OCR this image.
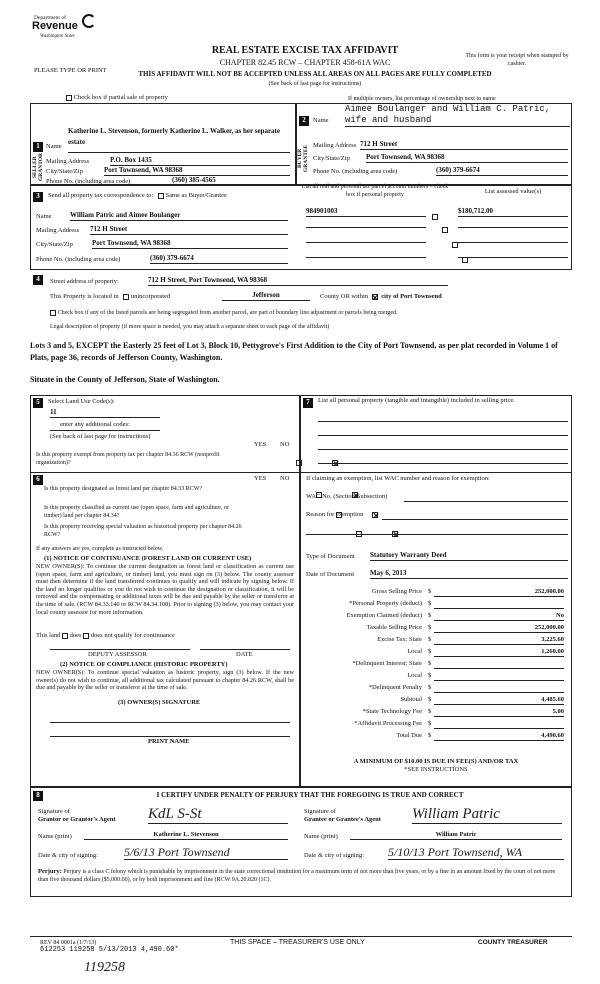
Department of
Revenue
Washington State
REAL ESTATE EXCISE TAX AFFIDAVIT
CHAPTER 82.45 RCW – CHAPTER 458-61A WAC
This form is your receipt when stamped by cashier.
PLEASE TYPE OR PRINT	THIS AFFIDAVIT WILL NOT BE ACCEPTED UNLESS ALL AREAS ON ALL PAGES ARE FULLY COMPLETED
(See back of last page for instructions)
Check box if partial sale of property	If multiple owners, list percentage of ownership next to name
1
SELLER GRANTOR
Name
Katherine L. Stevenson, formerly Katherine L. Walker, as her separate estate
Mailing Address	P.O. Box 1435
City/State/Zip	Port Townsend, WA 98368
Phone No. (including area code)	(360) 385-4565
2
BUYER GRANTEE
Name
Aimee Boulanger and William C. Patric, wife and husband
Mailing Address 712 H Street
City/State/Zip Port Townsend, WA 98368
Phone No. (including area code)	(360) 379-6674
3	Send all property tax correspondence to: Same as Buyer/Grantee
Name	William Patric and Aimee Boulanger
Mailing Address 712 H Street
City/State/Zip	Port Townsend, WA 98368
Phone No. (including area code)	(360) 379-6674
List all real and personal tax parcel account numbers – check box if personal property	List assessed value(s)
984901003
	$180,712.00

4	Street address of property:	712 H Street, Port Townsend, WA 98368
This Property is located in unincorporated	Jefferson	County OR within city of Port Townsend
Check box if any of the listed parcels are being segregated from another parcel, are part of boundary line adjustment or parcels being merged.
Legal description of property (if more space is needed, you may attach a separate sheet to each page of the affidavit)
Lots 3 and 5, EXCEPT the Easterly 25 feet of Lot 3, Block 10, Pettygrove's First Addition to the City of Port Townsend, as per plat recorded in Volume 1 of Plats, page 36, records of Jefferson County, Washington.
Situate in the County of Jefferson, State of Washington.
5	Select Land Use Code(s):
11
enter any additional codes:
(See back of last page for instructions)
YES NO
Is this property exempt from property tax per chapter 84.36 RCW (nonprofit organization)?

6	YES NO
Is this property designated as forest land per chapter 84.33 RCW?

Is this property classified as current use (open space, farm and agriculture, or timber) land per chapter 84.34?

Is this property receiving special valuation as historical property per chapter 84.26 RCW?

If any answers are yes, complete as instructed below.
(1) NOTICE OF CONTINUANCE (FOREST LAND OR CURRENT USE)
NEW OWNER(S): To continue the current designation as forest land or classification as current use (open space, farm and agriculture, or timber) land, you must sign on (3) below. The county assessor must then determine if the land transferred continues to qualify and will indicate by signing below. If the land no longer qualifies or you do not wish to continue the designation or classification, it will be removed and the compensating or additional taxes will be due and payable by the seller or transferor at the time of sale. (RCW 84.33.140 or RCW 84.34.108). Prior to signing (3) below, you may contact your local county assessor for more information.
This land does does not qualify for continuance
DEPUTY ASSESSOR	DATE
(2) NOTICE OF COMPLIANCE (HISTORIC PROPERTY)
NEW OWNER(S): To continue special valuation as historic property, sign (3) below. If the new owner(s) do not wish to continue, all additional tax calculated pursuant to chapter 84.26 RCW, shall be due and payable by the seller or transferor at the time of sale.
(3) OWNER(S) SIGNATURE
PRINT NAME
7	List all personal property (tangible and intangible) included in selling price.
If claiming an exemption, list WAC number and reason for exemption:
WAC No. (Section/Subsection)
Reason for exemption
Type of Document Statutory Warranty Deed
Date of Document May 6, 2013
Gross Selling Price $	252,000.00
*Personal Property (deduct) $
Exemption Claimed (deduct) $	No
Taxable Selling Price $	252,000.00
Excise Tax: State $	3,225.60
Local $	1,260.00
*Delinquent Interest: State $
Local $
*Delinquent Penalty $
Subtotal $	4,485.60
*State Technology Fee $	5.00
*Affidavit Processing Fee $
Total Due $	4,490.60
A MINIMUM OF $10.00 IS DUE IN FEE(S) AND/OR TAX
*SEE INSTRUCTIONS
8	I CERTIFY UNDER PENALTY OF PERJURY THAT THE FOREGOING IS TRUE AND CORRECT
Signature of
Grantor or Grantor's Agent KdL S-St
Name (print)	Katherine L. Stevenson
Date & city of signing: 5/6/13 Port Townsend
Signature of
Grantee or Grantee's Agent William Patric
Name (print)	William Patric
Date & city of signing: 5/10/13 Port Townsend, WA
Perjury: Perjury is a class C felony which is punishable by imprisonment in the state correctional institution for a maximum term of not more than five years, or by a fine in an amount fixed by the court of not more than five thousand dollars ($5,000.00), or by both imprisonment and fine (RCW 9A.20.020 (1C).
REV 84 0001a (1/7/13)
612253 119258 5/13/2013 4,490.60*
THIS SPACE – TREASURER'S USE ONLY	COUNTY TREASURER
119258
